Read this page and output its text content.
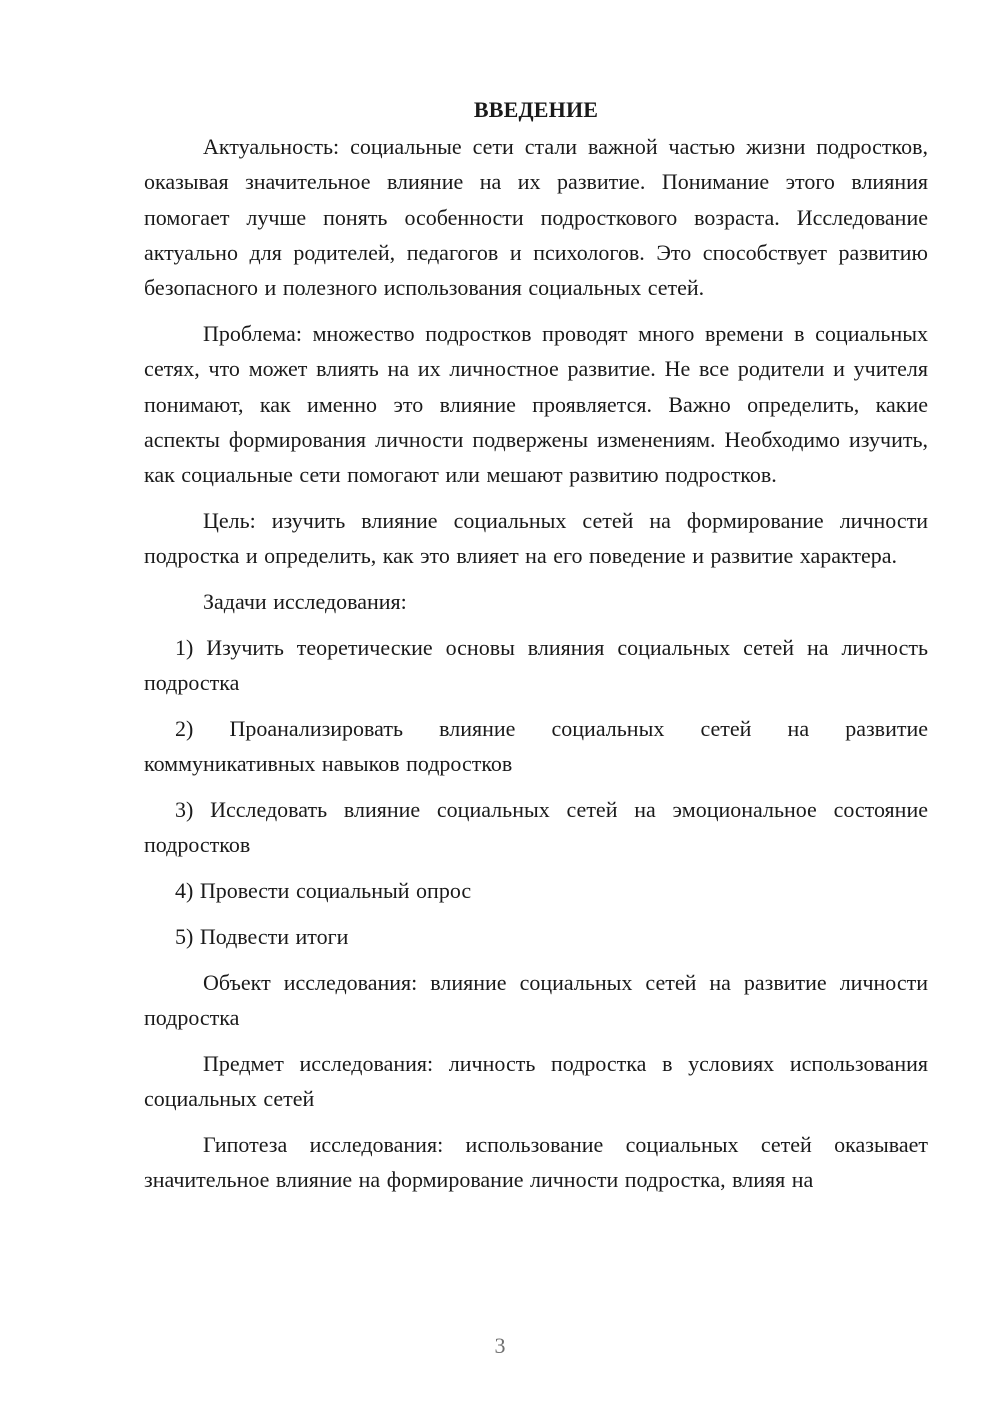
ВВЕДЕНИЕ

Актуальность: социальные сети стали важной частью жизни подростков, оказывая значительное влияние на их развитие. Понимание этого влияния помогает лучше понять особенности подросткового возраста. Исследование актуально для родителей, педагогов и психологов. Это способствует развитию безопасного и полезного использования социальных сетей.

Проблема: множество подростков проводят много времени в социальных сетях, что может влиять на их личностное развитие. Не все родители и учителя понимают, как именно это влияние проявляется. Важно определить, какие аспекты формирования личности подвержены изменениям. Необходимо изучить, как социальные сети помогают или мешают развитию подростков.

Цель: изучить влияние социальных сетей на формирование личности подростка и определить, как это влияет на его поведение и развитие характера.

Задачи исследования:

1) Изучить теоретические основы влияния социальных сетей на личность подростка

2) Проанализировать влияние социальных сетей на развитие коммуникативных навыков подростков

3) Исследовать влияние социальных сетей на эмоциональное состояние подростков

4) Провести социальный опрос

5) Подвести итоги

Объект исследования: влияние социальных сетей на развитие личности подростка

Предмет исследования: личность подростка в условиях использования социальных сетей

Гипотеза исследования: использование социальных сетей оказывает значительное влияние на формирование личности подростка, влияя на

3
